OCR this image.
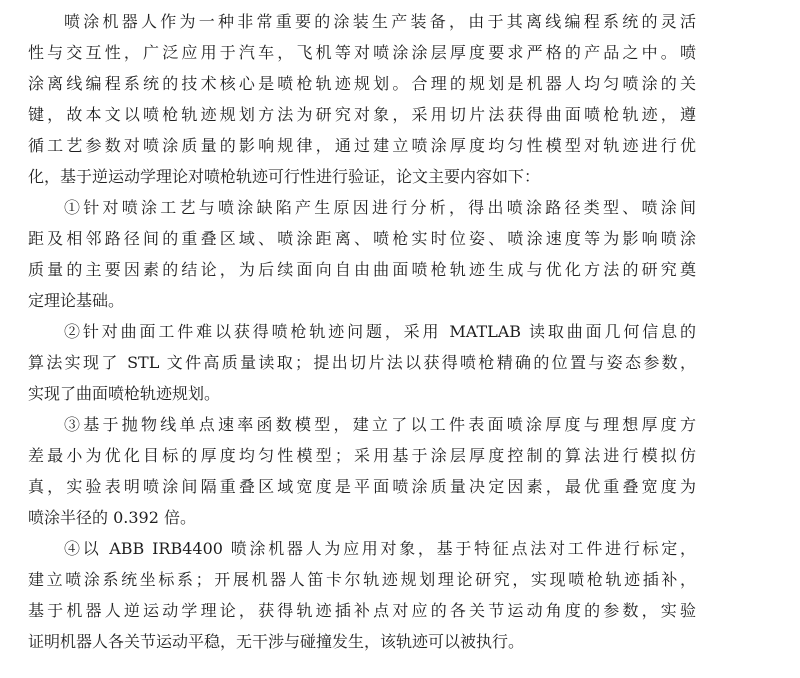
喷涂机器人作为一种非常重要的涂装生产装备，由于其离线编程系统的灵活
性与交互性，广泛应用于汽车，飞机等对喷涂涂层厚度要求严格的产品之中。喷
涂离线编程系统的技术核心是喷枪轨迹规划。合理的规划是机器人均匀喷涂的关
键，故本文以喷枪轨迹规划方法为研究对象，采用切片法获得曲面喷枪轨迹，遵
循工艺参数对喷涂质量的影响规律，通过建立喷涂厚度均匀性模型对轨迹进行优
化，基于逆运动学理论对喷枪轨迹可行性进行验证，论文主要内容如下：
①针对喷涂工艺与喷涂缺陷产生原因进行分析，得出喷涂路径类型、喷涂间
距及相邻路径间的重叠区域、喷涂距离、喷枪实时位姿、喷涂速度等为影响喷涂
质量的主要因素的结论，为后续面向自由曲面喷枪轨迹生成与优化方法的研究奠
定理论基础。
②针对曲面工件难以获得喷枪轨迹问题，采用 MATLAB 读取曲面几何信息的
算法实现了 STL 文件高质量读取；提出切片法以获得喷枪精确的位置与姿态参数，
实现了曲面喷枪轨迹规划。
③基于抛物线单点速率函数模型，建立了以工件表面喷涂厚度与理想厚度方
差最小为优化目标的厚度均匀性模型；采用基于涂层厚度控制的算法进行模拟仿
真，实验表明喷涂间隔重叠区域宽度是平面喷涂质量决定因素，最优重叠宽度为
喷涂半径的 0.392 倍。
④以 ABB IRB4400 喷涂机器人为应用对象，基于特征点法对工件进行标定，
建立喷涂系统坐标系；开展机器人笛卡尔轨迹规划理论研究，实现喷枪轨迹插补，
基于机器人逆运动学理论，获得轨迹插补点对应的各关节运动角度的参数，实验
证明机器人各关节运动平稳，无干涉与碰撞发生，该轨迹可以被执行。
